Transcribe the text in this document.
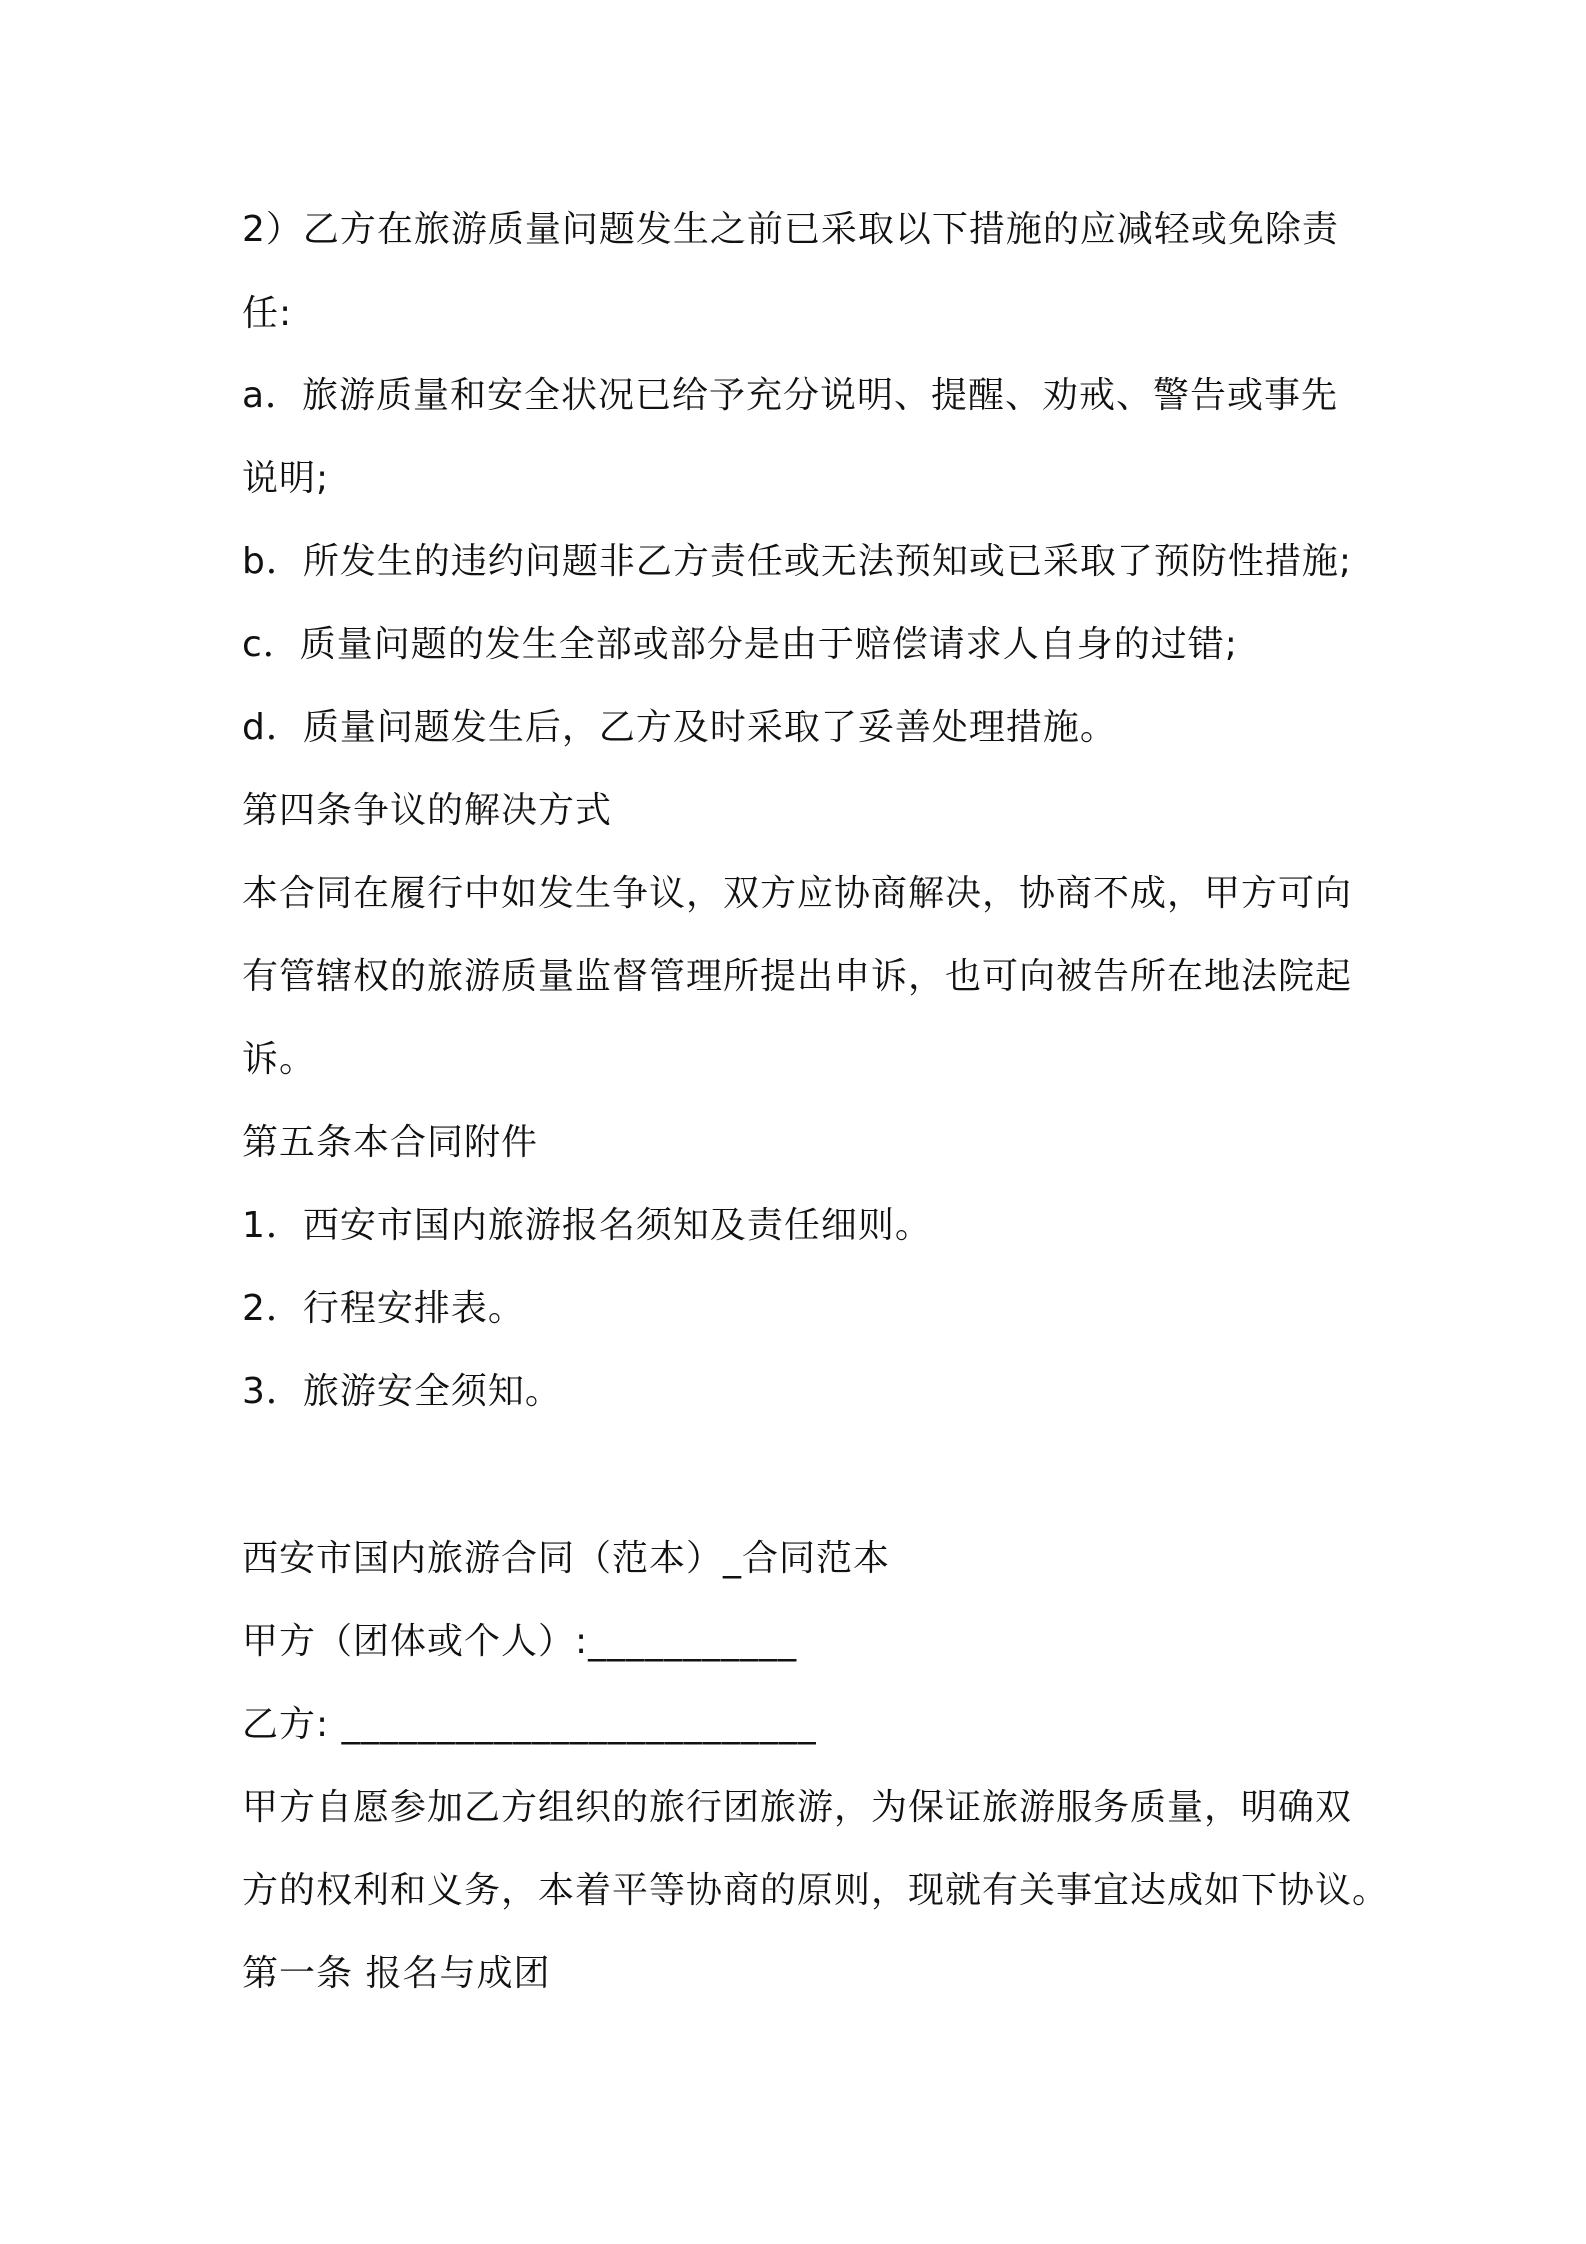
2）乙方在旅游质量问题发生之前已采取以下措施的应减轻或免除责
任:
a．旅游质量和安全状况已给予充分说明、提醒、劝戒、警告或事先
说明;
b．所发生的违约问题非乙方责任或无法预知或已采取了预防性措施;
c．质量问题的发生全部或部分是由于赔偿请求人自身的过错;
d．质量问题发生后，乙方及时采取了妥善处理措施。
第四条争议的解决方式
本合同在履行中如发生争议，双方应协商解决，协商不成，甲方可向
有管辖权的旅游质量监督管理所提出申诉，也可向被告所在地法院起
诉。
第五条本合同附件
1．西安市国内旅游报名须知及责任细则。
2．行程安排表。
3．旅游安全须知。
西安市国内旅游合同（范本）_合同范本
甲方（团体或个人）:___________
乙方: _________________________
甲方自愿参加乙方组织的旅行团旅游，为保证旅游服务质量，明确双
方的权利和义务，本着平等协商的原则，现就有关事宜达成如下协议。
第一条 报名与成团
